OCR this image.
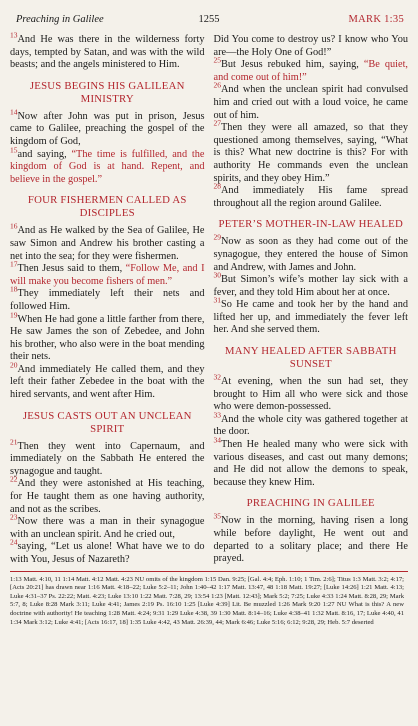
Preaching in Galilee	1255	MARK 1:35

$^{13}$And He was there in the wilderness forty days, tempted by Satan, and was with the wild beasts; and the angels ministered to Him.

JESUS BEGINS HIS GALILEAN MINISTRY

$^{14}$Now after John was put in prison, Jesus came to Galilee, preaching the gospel of the kingdom of God,

$^{15}$and saying, “The time is fulfilled, and the kingdom of God is at hand. Repent, and believe in the gospel.”

FOUR FISHERMEN CALLED AS DISCIPLES

$^{16}$And as He walked by the Sea of Galilee, He saw Simon and Andrew his brother casting a net into the sea; for they were fishermen.

$^{17}$Then Jesus said to them, “Follow Me, and I will make you become fishers of men.”

$^{18}$They immediately left their nets and followed Him.

$^{19}$When He had gone a little farther from there, He saw James the son of Zebedee, and John his brother, who also were in the boat mending their nets.

$^{20}$And immediately He called them, and they left their father Zebedee in the boat with the hired servants, and went after Him.

JESUS CASTS OUT AN UNCLEAN SPIRIT

$^{21}$Then they went into Capernaum, and immediately on the Sabbath He entered the synagogue and taught.

$^{22}$And they were astonished at His teaching, for He taught them as one having authority, and not as the scribes.

$^{23}$Now there was a man in their synagogue with an unclean spirit. And he cried out,

$^{24}$saying, “Let us alone! What have we to do with You, Jesus of Nazareth?

Did You come to destroy us? I know who You are—the Holy One of God!”

$^{25}$But Jesus rebuked him, saying, “Be quiet, and come out of him!”

$^{26}$And when the unclean spirit had convulsed him and cried out with a loud voice, he came out of him.

$^{27}$Then they were all amazed, so that they questioned among themselves, saying, “What is this? What new doctrine is this? For with authority He commands even the unclean spirits, and they obey Him.”

$^{28}$And immediately His fame spread throughout all the region around Galilee.

PETER’S MOTHER-IN-LAW HEALED

$^{29}$Now as soon as they had come out of the synagogue, they entered the house of Simon and Andrew, with James and John.

$^{30}$But Simon’s wife’s mother lay sick with a fever, and they told Him about her at once.

$^{31}$So He came and took her by the hand and lifted her up, and immediately the fever left her. And she served them.

MANY HEALED AFTER SABBATH SUNSET

$^{32}$At evening, when the sun had set, they brought to Him all who were sick and those who were demon-possessed.

$^{33}$And the whole city was gathered together at the door.

$^{34}$Then He healed many who were sick with various diseases, and cast out many demons; and He did not allow the demons to speak, because they knew Him.

PREACHING IN GALILEE

$^{35}$Now in the morning, having risen a long while before daylight, He went out and departed to a solitary place; and there He prayed.

1:13 Matt. 4:10, 11 1:14 Matt. 4:12 Matt. 4:23 NU omits of the kingdom 1:15 Dan. 9:25; [Gal. 4:4; Eph. 1:10; 1 Tim. 2:6]; Titus 1:3 Matt. 3:2; 4:17; [Acts 20:21] has drawn near 1:16 Matt. 4:18–22; Luke 5:2–11; John 1:40–42 1:17 Matt. 13:47, 48 1:18 Matt. 19:27; [Luke 14:26] 1:21 Matt. 4:13; Luke 4:31–37 Ps. 22:22; Matt. 4:23; Luke 13:10 1:22 Matt. 7:28, 29; 13:54 1:23 [Matt. 12:43]; Mark 5:2; 7:25; Luke 4:33 1:24 Matt. 8:28, 29; Mark 5:7, 8; Luke 8:28 Mark 3:11; Luke 4:41; James 2:19 Ps. 16:10 1:25 [Luke 4:39] Lit. Be muzzled 1:26 Mark 9:20 1:27 NU What is this? A new doctrine with authority! He teaching 1:28 Matt. 4:24; 9:31 1:29 Luke 4:38, 39 1:30 Matt. 8:14–16; Luke 4:38–41 1:32 Matt. 8:16, 17; Luke 4:40, 41 1:34 Mark 3:12; Luke 4:41; [Acts 16:17, 18] 1:35 Luke 4:42, 43 Matt. 26:39, 44; Mark 6:46; Luke 5:16; 6:12; 9:28, 29; Heb. 5:7 deserted
